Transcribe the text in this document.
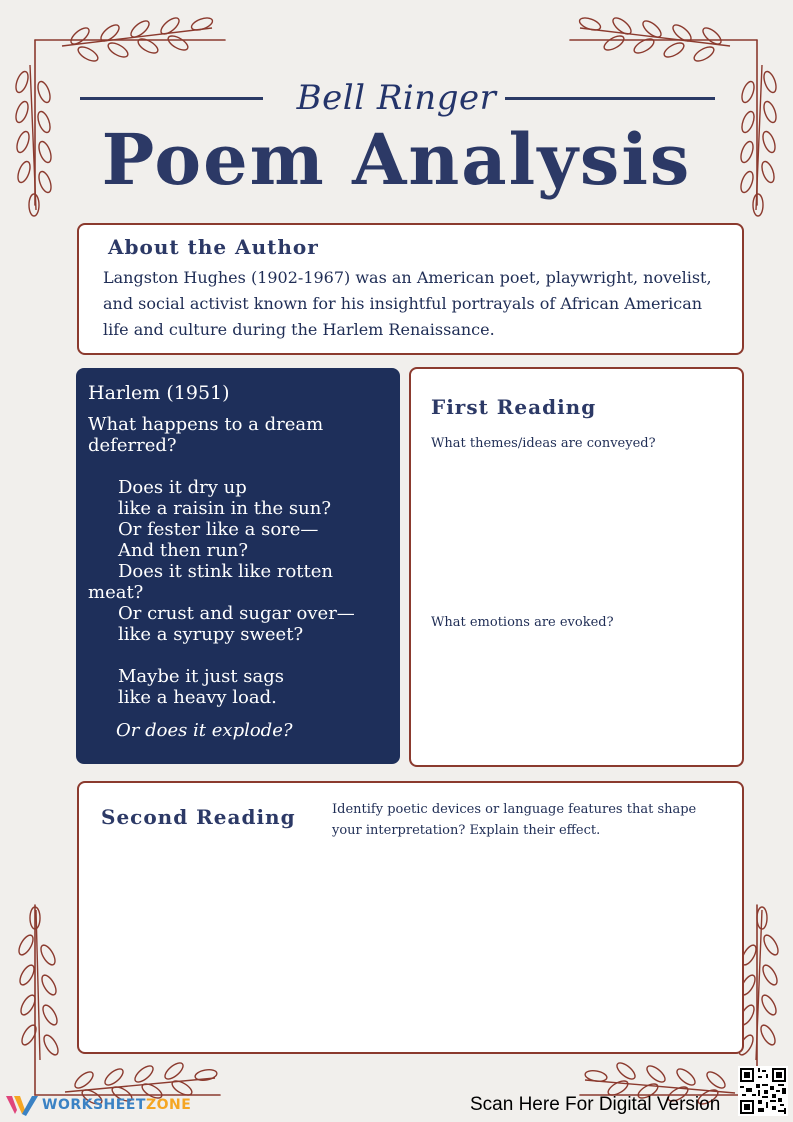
Bell Ringer
Poem Analysis
About the Author
Langston Hughes (1902-1967) was an American poet, playwright, novelist, and social activist known for his insightful portrayals of African American life and culture during the Harlem Renaissance.
Harlem (1951)
What happens to a dream deferred?
Does it dry up
like a raisin in the sun?
Or fester like a sore—
And then run?
Does it stink like rotten meat?
Or crust and sugar over—
like a syrupy sweet?
Maybe it just sags
like a heavy load.
Or does it explode?
First Reading
What themes/ideas are conveyed?
What emotions are evoked?
Second Reading	Identify poetic devices or language features that shape your interpretation? Explain their effect.
WORKSHEETZONE	Scan Here For Digital Version
